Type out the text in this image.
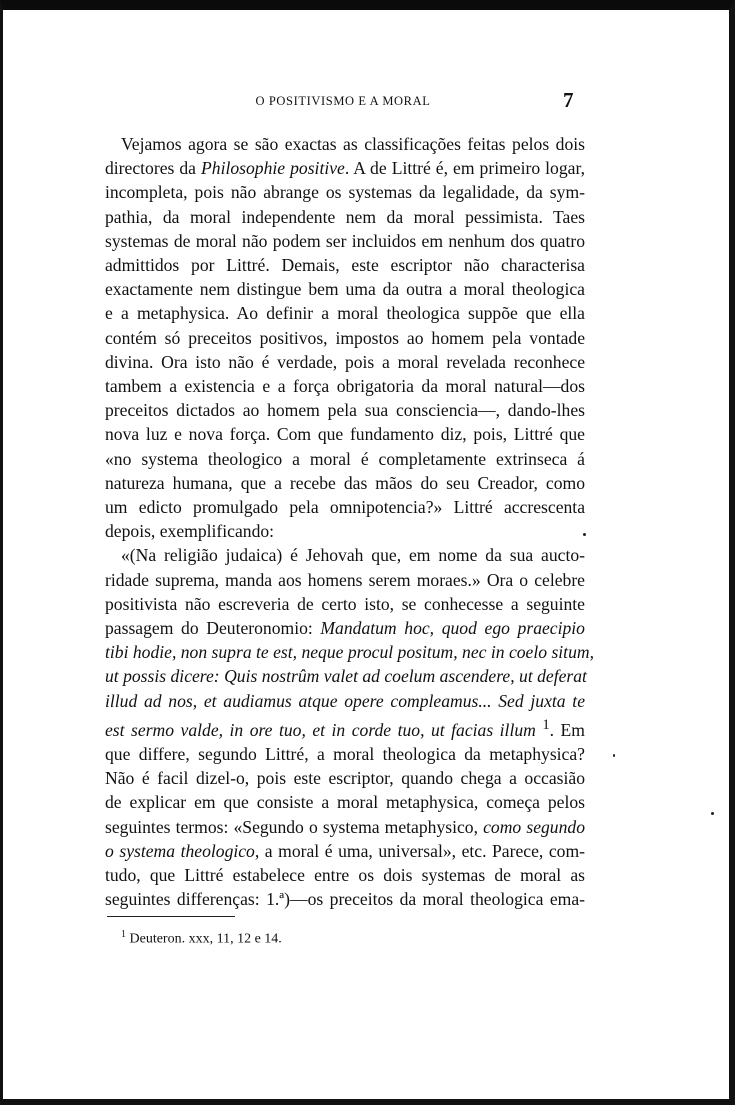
O POSITIVISMO E A MORAL	7
Vejamos agora se são exactas as classificações feitas pelos dois
directores da Philosophie positive. A de Littré é, em primeiro logar,
incompleta, pois não abrange os systemas da legalidade, da sym-
pathia, da moral independente nem da moral pessimista. Taes
systemas de moral não podem ser incluidos em nenhum dos quatro
admittidos por Littré. Demais, este escriptor não characterisa
exactamente nem distingue bem uma da outra a moral theologica
e a metaphysica. Ao definir a moral theologica suppõe que ella
contém só preceitos positivos, impostos ao homem pela vontade
divina. Ora isto não é verdade, pois a moral revelada reconhece
tambem a existencia e a força obrigatoria da moral natural—dos
preceitos dictados ao homem pela sua consciencia—, dando-lhes
nova luz e nova força. Com que fundamento diz, pois, Littré que
«no systema theologico a moral é completamente extrinseca á
natureza humana, que a recebe das mãos do seu Creador, como
um edicto promulgado pela omnipotencia?» Littré accrescenta
depois, exemplificando:
«(Na religião judaica) é Jehovah que, em nome da sua auctо-
ridade suprema, manda aos homens serem moraes.» Ora o celebre
positivista não escreveria de certo isto, se conhecesse a seguinte
passagem do Deuteronomio: Mandatum hoc, quod ego praecipio
tibi hodie, non supra te est, neque procul positum, nec in coelo situm,
ut possis dicere: Quis nostrûm valet ad coelum ascendere, ut deferat
illud ad nos, et audiamus atque opere compleamus... Sed juxta te
est sermo valde, in ore tuo, et in corde tuo, ut facias illum $^1$. Em
que differe, segundo Littré, a moral theologica da metaphysica?
Não é facil dizel-o, pois este escriptor, quando chega a occasião
de explicar em que consiste a moral metaphysica, começa pelos
seguintes termos: «Segundo o systema metaphysico, como segundo
o systema theologico, a moral é uma, universal», etc. Parece, com-
tudo, que Littré estabelece entre os dois systemas de moral as
seguintes differenças: 1.ª)—os preceitos da moral theologica ema-
$^1$ Deuteron. xxx, 11, 12 e 14.
